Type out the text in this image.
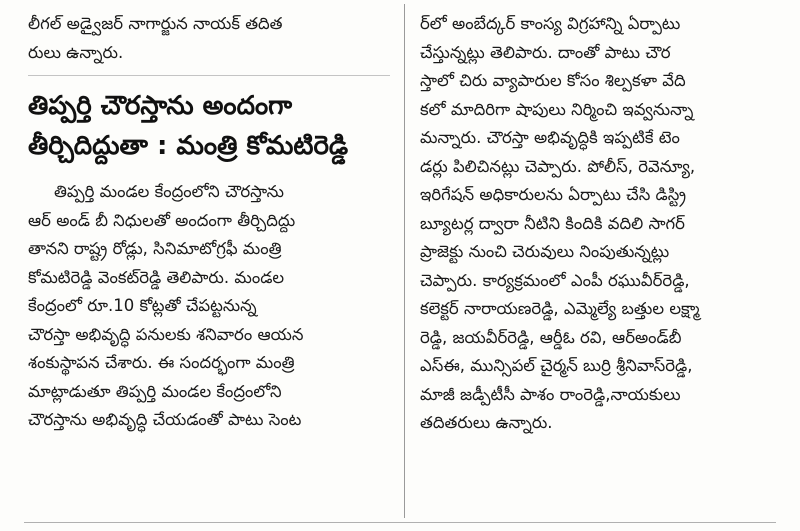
లీగల్ అడ్వైజర్ నాగార్జున నాయక్ తదిత
రులు ఉన్నారు.
తిప్పర్తి చౌరస్తాను అందంగా
తీర్చిదిద్దుతా : మంత్రి కోమటిరెడ్డి
తిప్పర్తి మండల కేంద్రంలోని చౌరస్తాను
ఆర్ అండ్ బీ నిధులతో అందంగా తీర్చిదిద్దు
తానని రాష్ట్ర రోడ్లు, సినిమాటోగ్రఫీ మంత్రి
కోమటిరెడ్డి వెంకట్‌రెడ్డి తెలిపారు. మండల
కేంద్రంలో రూ.10 కోట్లతో చేపట్టనున్న
చౌరస్తా అభివృద్ధి పనులకు శనివారం ఆయన
శంకుస్థాపన చేశారు. ఈ సందర్భంగా మంత్రి
మాట్లాడుతూ తిప్పర్తి మండల కేంద్రంలోని
చౌరస్తాను అభివృద్ధి చేయడంతో పాటు సెంట
ర్‌లో అంబేద్కర్ కాంస్య విగ్రహాన్ని ఏర్పాటు
చేస్తున్నట్లు తెలిపారు. దాంతో పాటు చౌర
స్తాలో చిరు వ్యాపారుల కోసం శిల్పకళా వేది
కలో మాదిరిగా షాపులు నిర్మించి ఇవ్వనున్నా
మన్నారు. చౌరస్తా అభివృద్ధికి ఇప్పటికే టెం
డర్లు పిలిచినట్లు చెప్పారు. పోలీస్, రెవెన్యూ,
ఇరిగేషన్ అధికారులను ఏర్పాటు చేసి డిస్ట్రి
బ్యూటర్ల ద్వారా నీటిని కిందికి వదిలి సాగర్
ప్రాజెక్టు నుంచి చెరువులు నింపుతున్నట్లు
చెప్పారు. కార్యక్రమంలో ఎంపీ రఘువీర్‌రెడ్డి,
కలెక్టర్ నారాయణరెడ్డి, ఎమ్మెల్యే బత్తుల లక్ష్మా
రెడ్డి, జయవీర్‌రెడ్డి, ఆర్డీఓ రవి, ఆర్‌అండ్‌బీ
ఎస్ఈ, మున్సిపల్ చైర్మన్ బుర్రి శ్రీనివాస్‌రెడ్డి,
మాజీ జడ్పీటీసీ పాశం రాంరెడ్డి,నాయకులు
తదితరులు ఉన్నారు.
